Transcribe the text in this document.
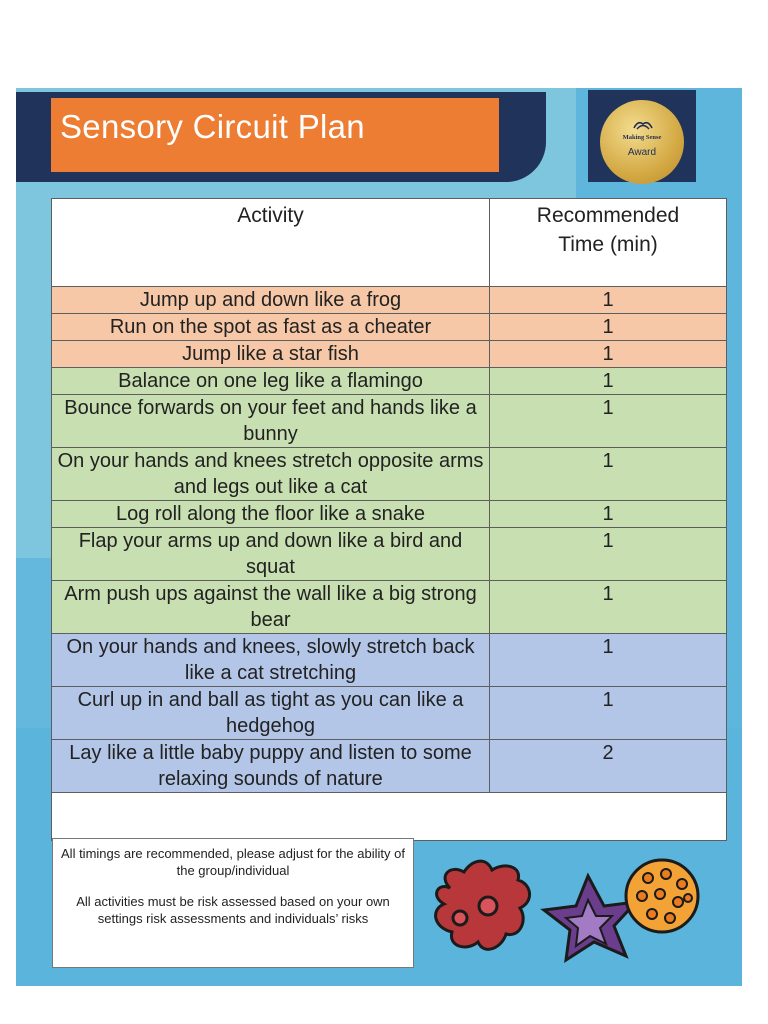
Sensory Circuit Plan	Making Sense
Award
Activity	Recommended Time (min)
Jump up and down like a frog	1
Run on the spot as fast as a cheater	1
Jump like a star fish	1
Balance on one leg like a flamingo	1
Bounce forwards on your feet and hands like a bunny	1
On your hands and knees stretch opposite arms and legs out like a cat	1
Log roll along the floor like a snake	1
Flap your arms up and down like a bird and squat	1
Arm push ups against the wall like a big strong bear	1
On your hands and knees, slowly stretch back like a cat stretching	1
Curl up in and ball as tight as you can like a hedgehog	1
Lay like a little baby puppy and listen to some relaxing sounds of nature	2

All timings are recommended, please adjust for the ability of the group/individual

All activities must be risk assessed based on your own settings risk assessments and individuals’ risks
